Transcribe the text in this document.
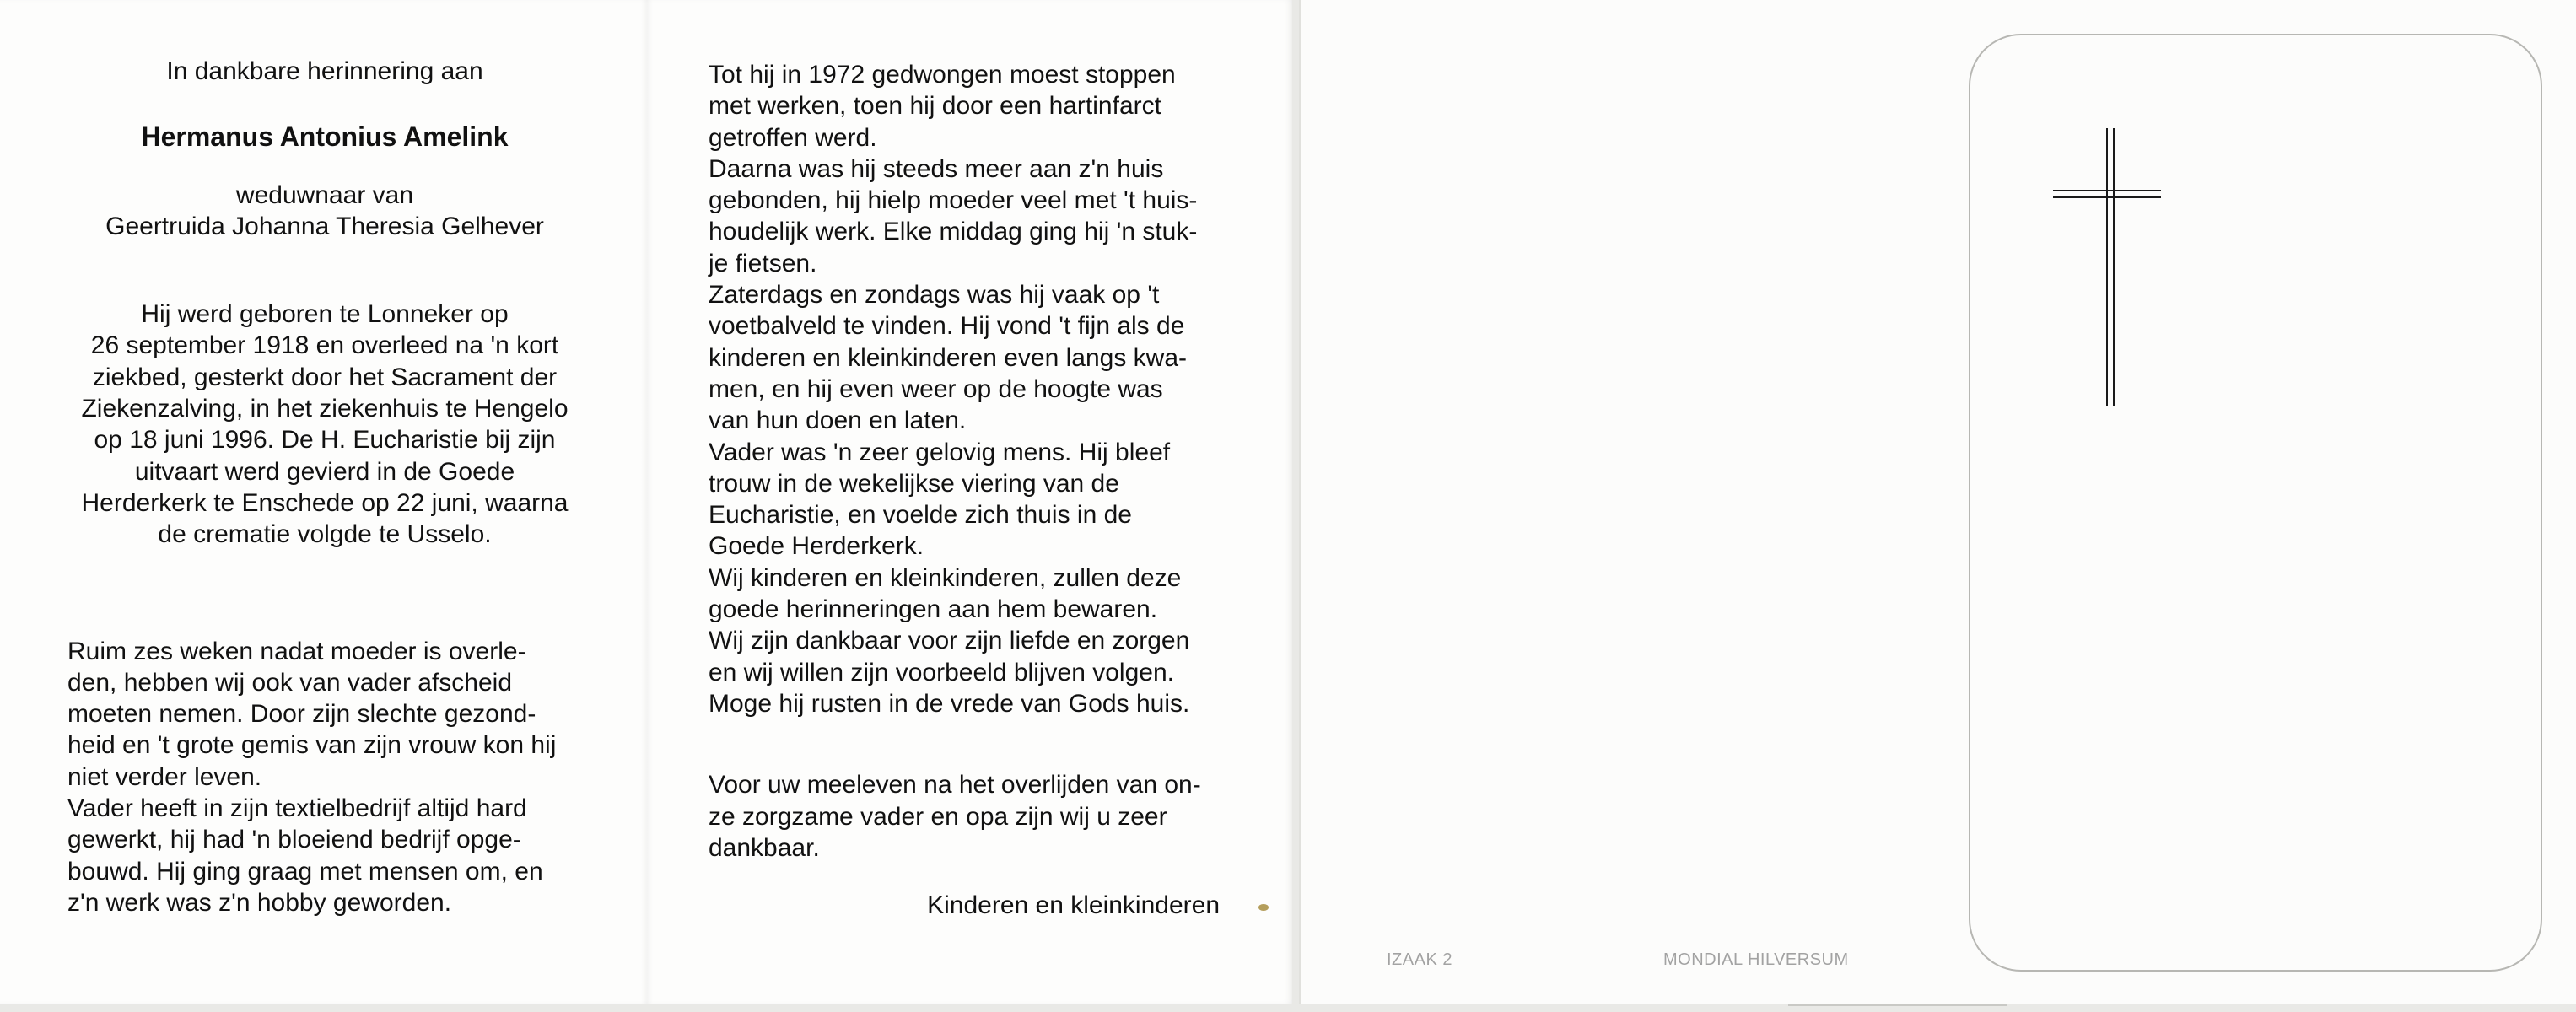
In dankbare herinnering aan

Hermanus Antonius Amelink

weduwnaar van

Geertruida Johanna Theresia Gelhever

Hij werd geboren te Lonneker op

26 september 1918 en overleed na 'n kort

ziekbed, gesterkt door het Sacrament der

Ziekenzalving, in het ziekenhuis te Hengelo

op 18 juni 1996. De H. Eucharistie bij zijn

uitvaart werd gevierd in de Goede

Herderkerk te Enschede op 22 juni, waarna

de crematie volgde te Usselo.

Ruim zes weken nadat moeder is overle-

den, hebben wij ook van vader afscheid

moeten nemen. Door zijn slechte gezond-

heid en 't grote gemis van zijn vrouw kon hij

niet verder leven.

Vader heeft in zijn textielbedrijf altijd hard

gewerkt, hij had 'n bloeiend bedrijf opge-

bouwd. Hij ging graag met mensen om, en

z'n werk was z'n hobby geworden.

Tot hij in 1972 gedwongen moest stoppen

met werken, toen hij door een hartinfarct

getroffen werd.

Daarna was hij steeds meer aan z'n huis

gebonden, hij hielp moeder veel met 't huis-

houdelijk werk. Elke middag ging hij 'n stuk-

je fietsen.

Zaterdags en zondags was hij vaak op 't

voetbalveld te vinden. Hij vond 't fijn als de

kinderen en kleinkinderen even langs kwa-

men, en hij even weer op de hoogte was

van hun doen en laten.

Vader was 'n zeer gelovig mens. Hij bleef

trouw in de wekelijkse viering van de

Eucharistie, en voelde zich thuis in de

Goede Herderkerk.

Wij kinderen en kleinkinderen, zullen deze

goede herinneringen aan hem bewaren.

Wij zijn dankbaar voor zijn liefde en zorgen

en wij willen zijn voorbeeld blijven volgen.

Moge hij rusten in de vrede van Gods huis.

Voor uw meeleven na het overlijden van on-

ze zorgzame vader en opa zijn wij u zeer

dankbaar.

Kinderen en kleinkinderen

IZAAK 2	MONDIAL HILVERSUM
